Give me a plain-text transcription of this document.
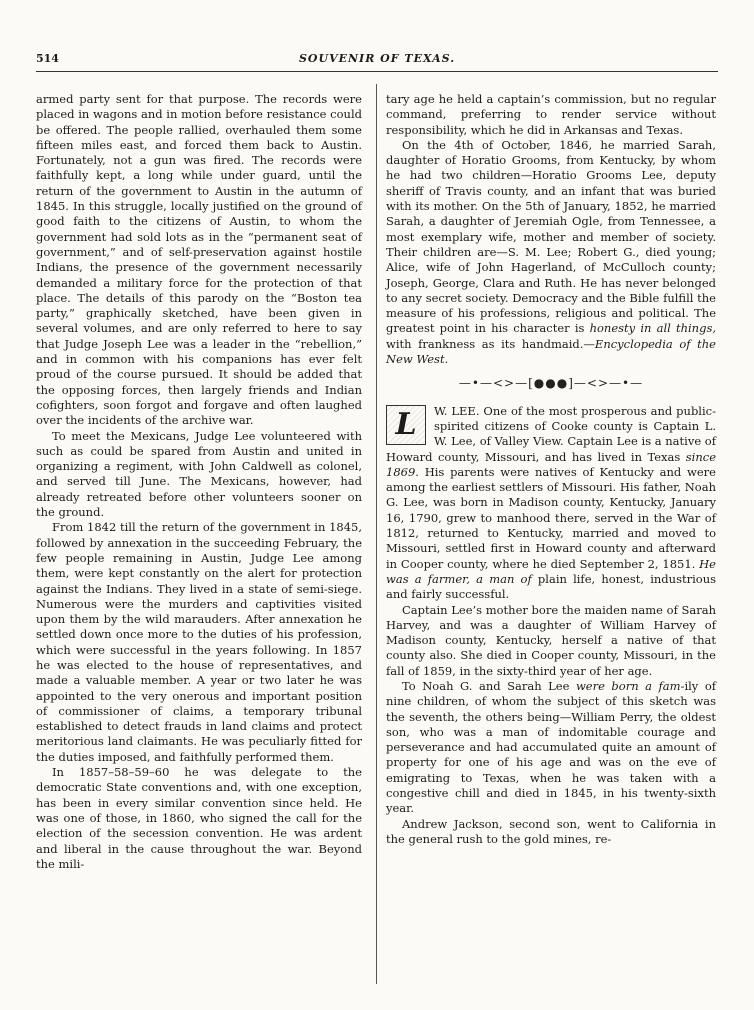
514	SOUVENIR OF TEXAS.

armed party sent for that purpose. The records were placed in wagons and in motion before resistance could be offered. The people rallied, overhauled them some fifteen miles east, and forced them back to Austin. Fortunately, not a gun was fired. The records were faithfully kept, a long while under guard, until the return of the government to Austin in the autumn of 1845. In this struggle, locally justified on the ground of good faith to the citizens of Austin, to whom the government had sold lots as in the “permanent seat of government,” and of self-preservation against hostile Indians, the presence of the government necessarily demanded a military force for the protection of that place. The details of this parody on the “Boston tea party,” graphically sketched, have been given in several volumes, and are only referred to here to say that Judge Joseph Lee was a leader in the “rebellion,” and in common with his companions has ever felt proud of the course pursued. It should be added that the opposing forces, then largely friends and Indian cofighters, soon forgot and forgave and often laughed over the incidents of the archive war.

To meet the Mexicans, Judge Lee volunteered with such as could be spared from Austin and united in organizing a regiment, with John Caldwell as colonel, and served till June. The Mexicans, however, had already retreated before other volunteers sooner on the ground.

From 1842 till the return of the government in 1845, followed by annexation in the succeeding February, the few people remaining in Austin, Judge Lee among them, were kept constantly on the alert for protection against the Indians. They lived in a state of semi-siege. Numerous were the murders and captivities visited upon them by the wild marauders. After annexation he settled down once more to the duties of his profession, which were successful in the years following. In 1857 he was elected to the house of representatives, and made a valuable member. A year or two later he was appointed to the very onerous and important position of commissioner of claims, a temporary tribunal established to detect frauds in land claims and protect meritorious land claimants. He was peculiarly fitted for the duties imposed, and faithfully performed them.

In 1857–58–59–60 he was delegate to the democratic State conventions and, with one exception, has been in every similar convention since held. He was one of those, in 1860, who signed the call for the election of the secession convention. He was ardent and liberal in the cause throughout the war. Beyond the mili-

tary age he held a captain’s commission, but no regular command, preferring to render service without responsibility, which he did in Arkansas and Texas.

On the 4th of October, 1846, he married Sarah, daughter of Horatio Grooms, from Kentucky, by whom he had two children—Horatio Grooms Lee, deputy sheriff of Travis county, and an infant that was buried with its mother. On the 5th of January, 1852, he married Sarah, a daughter of Jeremiah Ogle, from Tennessee, a most exemplary wife, mother and member of society. Their children are—S. M. Lee; Robert G., died young; Alice, wife of John Hagerland, of McCulloch county; Joseph, George, Clara and Ruth. He has never belonged to any secret society. Democracy and the Bible fulfill the measure of his professions, religious and political. The greatest point in his character is honesty in all things, with frankness as its handmaid.—Encyclopedia of the New West.

—•—<>—[●●●]—<>—•—

L	W. LEE. One of the most prosperous and public-spirited citizens of Cooke county is Captain L. W. Lee, of Valley View. Captain Lee is a native of Howard county, Missouri, and has lived in Texas since 1869. His parents were natives of Kentucky and were among the earliest settlers of Missouri. His father, Noah G. Lee, was born in Madison county, Kentucky, January 16, 1790, grew to manhood there, served in the War of 1812, returned to Kentucky, married and moved to Missouri, settled first in Howard county and afterward in Cooper county, where he died September 2, 1851. He was a farmer, a man of plain life, honest, industrious and fairly successful.

Captain Lee’s mother bore the maiden name of Sarah Harvey, and was a daughter of William Harvey of Madison county, Kentucky, herself a native of that county also. She died in Cooper county, Missouri, in the fall of 1859, in the sixty-third year of her age.

To Noah G. and Sarah Lee were born a fam-ily of nine children, of whom the subject of this sketch was the seventh, the others being—William Perry, the oldest son, who was a man of indomitable courage and perseverance and had accumulated quite an amount of property for one of his age and was on the eve of emigrating to Texas, when he was taken with a congestive chill and died in 1845, in his twenty-sixth year.

Andrew Jackson, second son, went to California in the general rush to the gold mines, re-
